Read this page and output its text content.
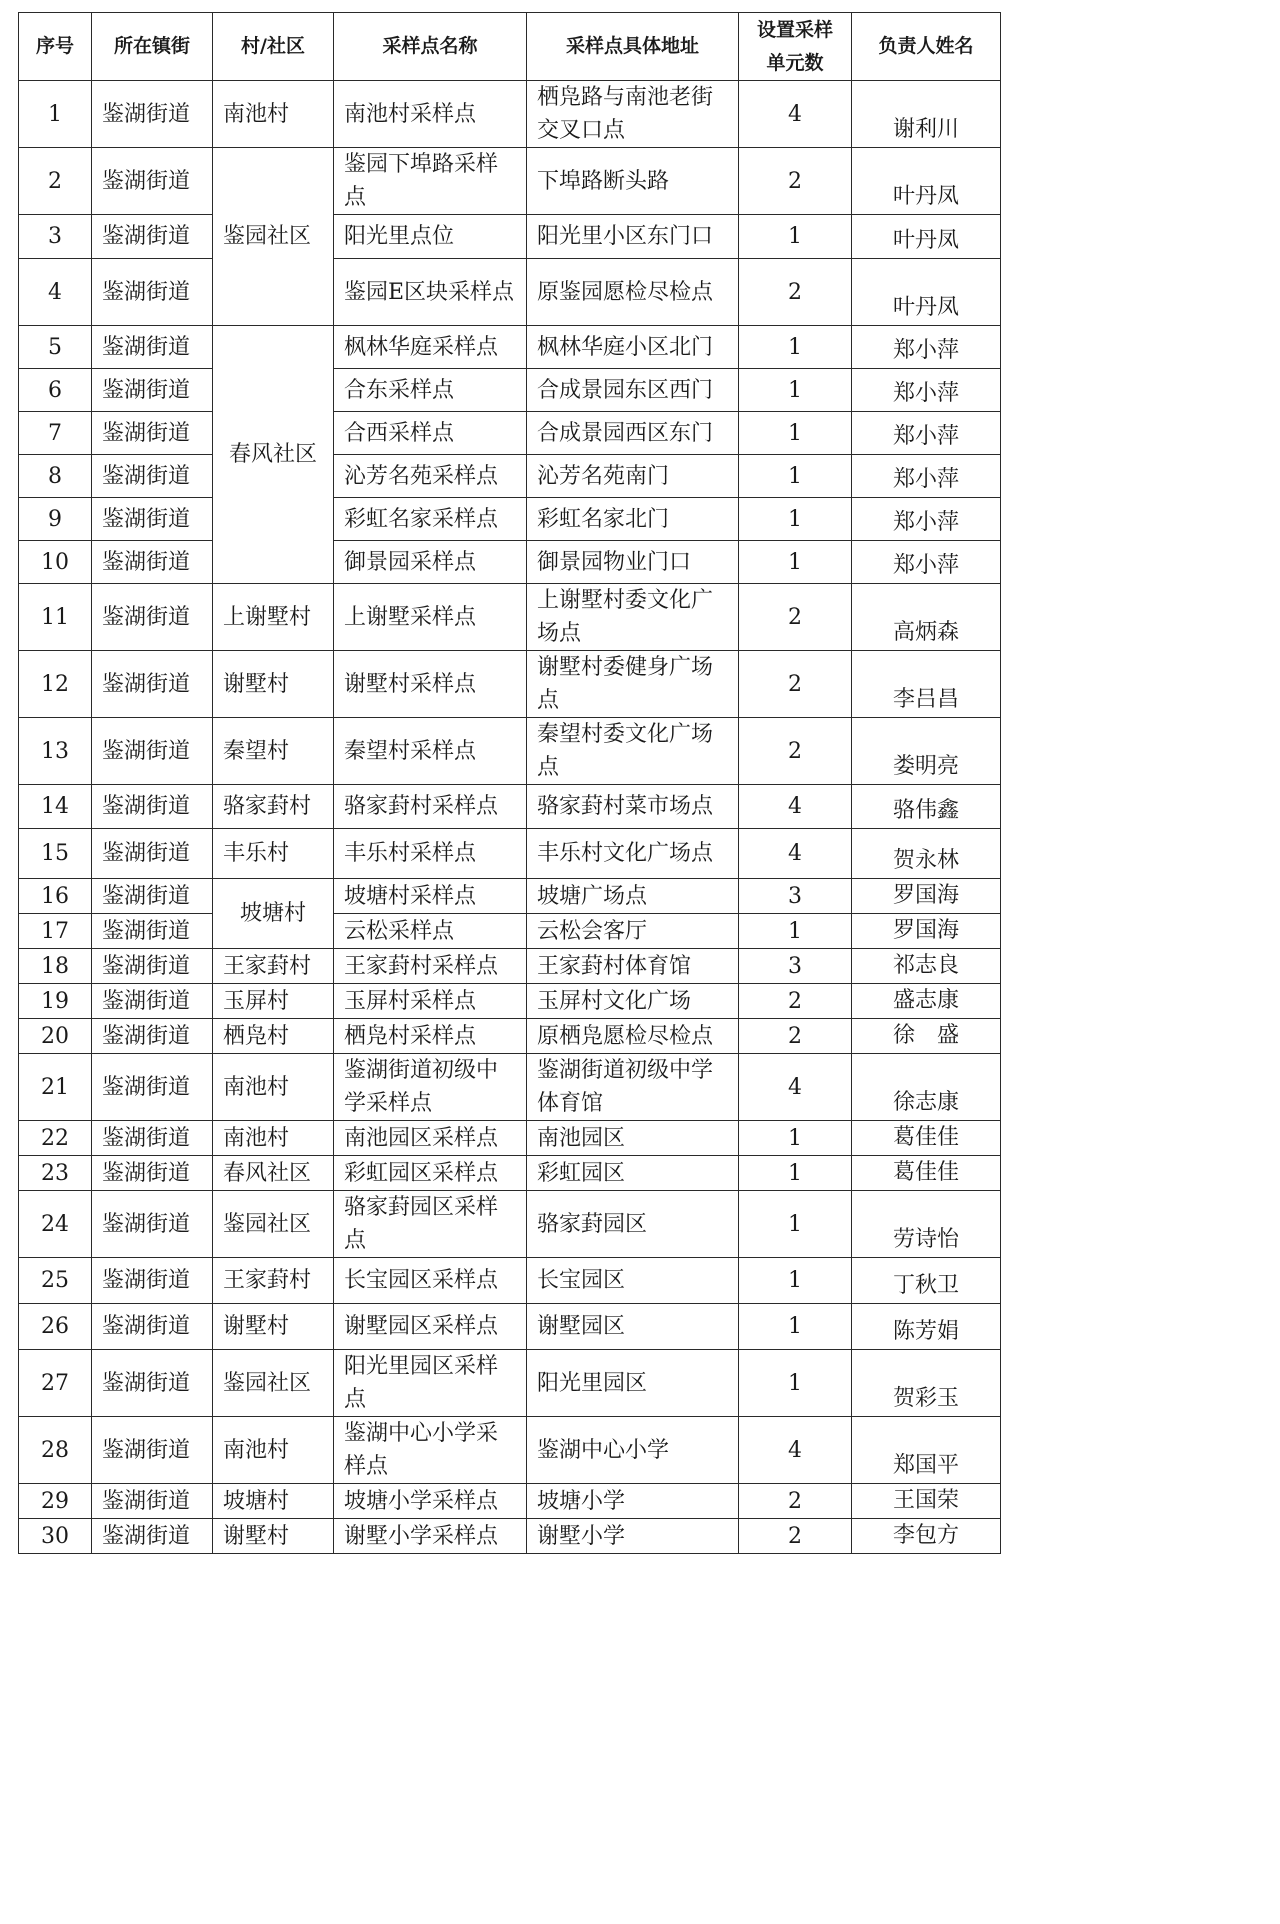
序号	所在镇街	村/社区	采样点名称	采样点具体地址	设置采样单元数	负责人姓名
1	鉴湖街道	南池村	南池村采样点	栖凫路与南池老街交叉口点	4	谢利川
2	鉴湖街道	鉴园社区	鉴园下埠路采样点	下埠路断头路	2	叶丹凤
3	鉴湖街道		阳光里点位	阳光里小区东门口	1	叶丹凤
4	鉴湖街道		鉴园E区块采样点	原鉴园愿检尽检点	2	叶丹凤
5	鉴湖街道	春风社区	枫林华庭采样点	枫林华庭小区北门	1	郑小萍
6	鉴湖街道		合东采样点	合成景园东区西门	1	郑小萍
7	鉴湖街道		合西采样点	合成景园西区东门	1	郑小萍
8	鉴湖街道		沁芳名苑采样点	沁芳名苑南门	1	郑小萍
9	鉴湖街道		彩虹名家采样点	彩虹名家北门	1	郑小萍
10	鉴湖街道		御景园采样点	御景园物业门口	1	郑小萍
11	鉴湖街道	上谢墅村	上谢墅采样点	上谢墅村委文化广场点	2	高炳森
12	鉴湖街道	谢墅村	谢墅村采样点	谢墅村委健身广场点	2	李吕昌
13	鉴湖街道	秦望村	秦望村采样点	秦望村委文化广场点	2	娄明亮
14	鉴湖街道	骆家葑村	骆家葑村采样点	骆家葑村菜市场点	4	骆伟鑫
15	鉴湖街道	丰乐村	丰乐村采样点	丰乐村文化广场点	4	贺永林
16	鉴湖街道	坡塘村	坡塘村采样点	坡塘广场点	3	罗国海
17	鉴湖街道		云松采样点	云松会客厅	1	罗国海
18	鉴湖街道	王家葑村	王家葑村采样点	王家葑村体育馆	3	祁志良
19	鉴湖街道	玉屏村	玉屏村采样点	玉屏村文化广场	2	盛志康
20	鉴湖街道	栖凫村	栖凫村采样点	原栖凫愿检尽检点	2	徐　盛
21	鉴湖街道	南池村	鉴湖街道初级中学采样点	鉴湖街道初级中学体育馆	4	徐志康
22	鉴湖街道	南池村	南池园区采样点	南池园区	1	葛佳佳
23	鉴湖街道	春风社区	彩虹园区采样点	彩虹园区	1	葛佳佳
24	鉴湖街道	鉴园社区	骆家葑园区采样点	骆家葑园区	1	劳诗怡
25	鉴湖街道	王家葑村	长宝园区采样点	长宝园区	1	丁秋卫
26	鉴湖街道	谢墅村	谢墅园区采样点	谢墅园区	1	陈芳娟
27	鉴湖街道	鉴园社区	阳光里园区采样点	阳光里园区	1	贺彩玉
28	鉴湖街道	南池村	鉴湖中心小学采样点	鉴湖中心小学	4	郑国平
29	鉴湖街道	坡塘村	坡塘小学采样点	坡塘小学	2	王国荣
30	鉴湖街道	谢墅村	谢墅小学采样点	谢墅小学	2	李包方
